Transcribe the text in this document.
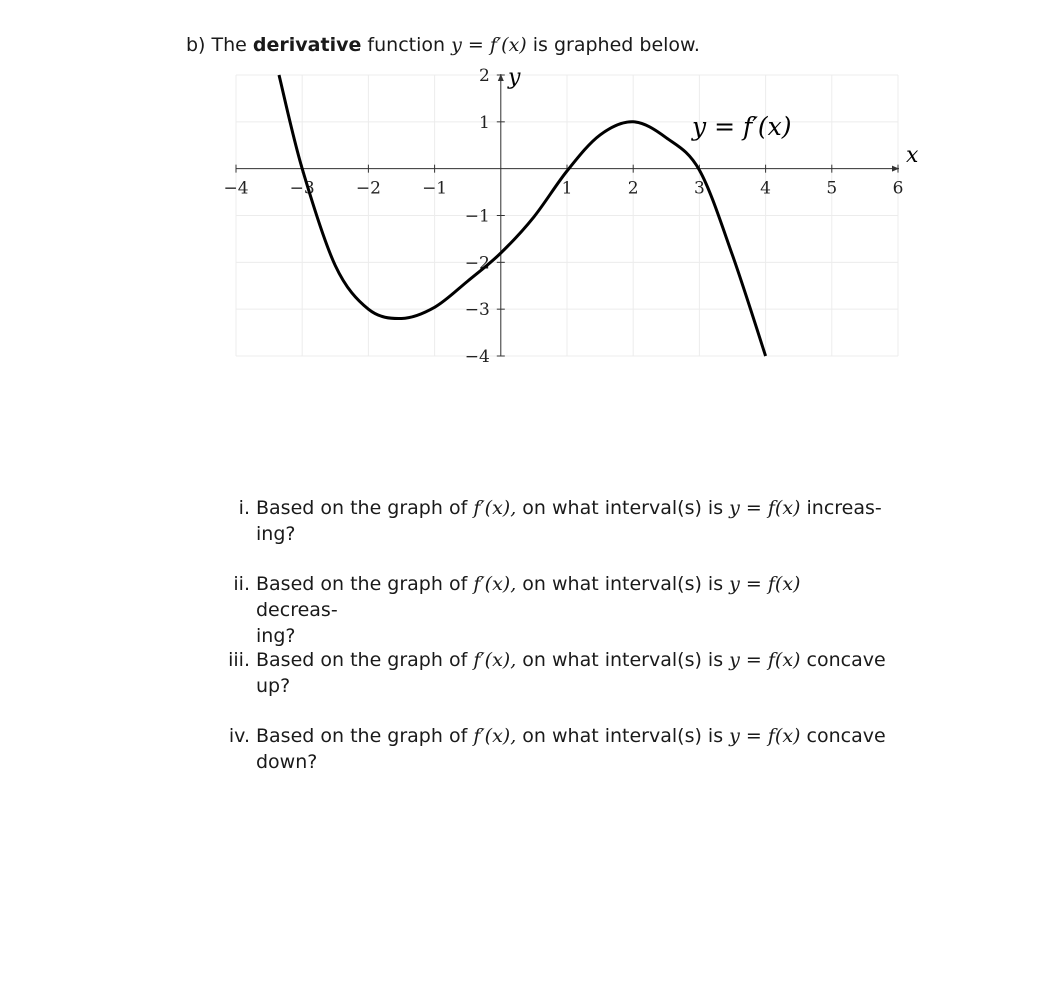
b) The derivative function y = f′(x) is graphed below.
−4 −3 −2 −1	1	2	3	4	5	6
−4
−3
−2
−1
1
2
y = f′(x)
x
y
i. Based on the graph of f′(x), on what interval(s) is y = f(x) increas-
ing?
ii. Based on the graph of f′(x), on what interval(s) is y = f(x) decreas-
ing?
iii. Based on the graph of f′(x), on what interval(s) is y = f(x) concave
up?
iv. Based on the graph of f′(x), on what interval(s) is y = f(x) concave
down?
